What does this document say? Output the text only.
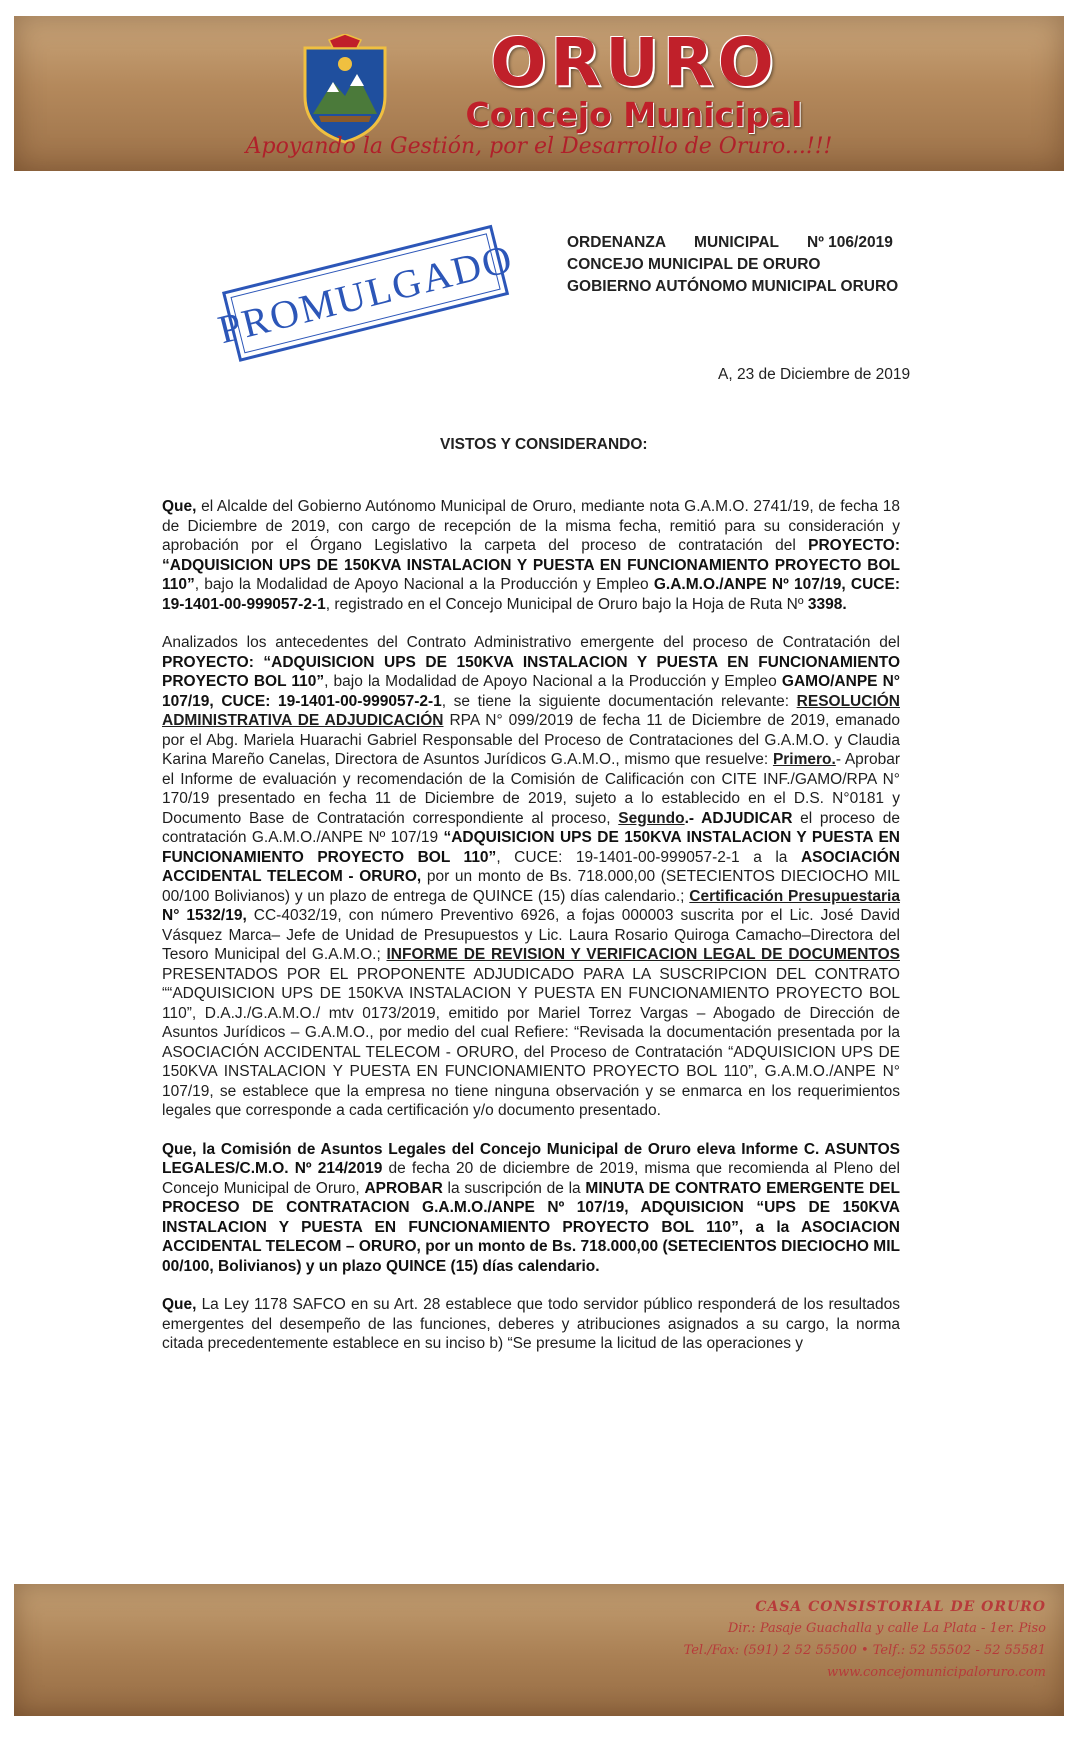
ORURO
Concejo Municipal
Apoyando la Gestión, por el Desarrollo de Oruro...!!!
PROMULGADO	ORDENANZA MUNICIPAL Nº 106/2019
CONCEJO MUNICIPAL DE ORURO
GOBIERNO AUTÓNOMO MUNICIPAL ORURO
A, 23 de Diciembre de 2019
VISTOS Y CONSIDERANDO:

Que, el Alcalde del Gobierno Autónomo Municipal de Oruro, mediante nota G.A.M.O. 2741/19, de fecha 18 de Diciembre de 2019, con cargo de recepción de la misma fecha, remitió para su consideración y aprobación por el Órgano Legislativo la carpeta del proceso de contratación del PROYECTO: “ADQUISICION UPS DE 150KVA INSTALACION Y PUESTA EN FUNCIONAMIENTO PROYECTO BOL 110”, bajo la Modalidad de Apoyo Nacional a la Producción y Empleo G.A.M.O./ANPE Nº 107/19, CUCE: 19-1401-00-999057-2-1, registrado en el Concejo Municipal de Oruro bajo la Hoja de Ruta Nº 3398.

Analizados los antecedentes del Contrato Administrativo emergente del proceso de Contratación del PROYECTO: “ADQUISICION UPS DE 150KVA INSTALACION Y PUESTA EN FUNCIONAMIENTO PROYECTO BOL 110”, bajo la Modalidad de Apoyo Nacional a la Producción y Empleo GAMO/ANPE N° 107/19, CUCE: 19-1401-00-999057-2-1, se tiene la siguiente documentación relevante: RESOLUCIÓN ADMINISTRATIVA DE ADJUDICACIÓN RPA N° 099/2019 de fecha 11 de Diciembre de 2019, emanado por el Abg. Mariela Huarachi Gabriel Responsable del Proceso de Contrataciones del G.A.M.O. y Claudia Karina Mareño Canelas, Directora de Asuntos Jurídicos G.A.M.O., mismo que resuelve: Primero.- Aprobar el Informe de evaluación y recomendación de la Comisión de Calificación con CITE INF./GAMO/RPA N° 170/19 presentado en fecha 11 de Diciembre de 2019, sujeto a lo establecido en el D.S. N°0181 y Documento Base de Contratación correspondiente al proceso, Segundo.- ADJUDICAR el proceso de contratación G.A.M.O./ANPE Nº 107/19 “ADQUISICION UPS DE 150KVA INSTALACION Y PUESTA EN FUNCIONAMIENTO PROYECTO BOL 110”, CUCE: 19-1401-00-999057-2-1 a la ASOCIACIÓN ACCIDENTAL TELECOM - ORURO, por un monto de Bs. 718.000,00 (SETECIENTOS DIECIOCHO MIL 00/100 Bolivianos) y un plazo de entrega de QUINCE (15) días calendario.; Certificación Presupuestaria N° 1532/19, CC-4032/19, con número Preventivo 6926, a fojas 000003 suscrita por el Lic. José David Vásquez Marca– Jefe de Unidad de Presupuestos y Lic. Laura Rosario Quiroga Camacho–Directora del Tesoro Municipal del G.A.M.O.; INFORME DE REVISION Y VERIFICACION LEGAL DE DOCUMENTOS PRESENTADOS POR EL PROPONENTE ADJUDICADO PARA LA SUSCRIPCION DEL CONTRATO ““ADQUISICION UPS DE 150KVA INSTALACION Y PUESTA EN FUNCIONAMIENTO PROYECTO BOL 110”, D.A.J./G.A.M.O./ mtv 0173/2019, emitido por Mariel Torrez Vargas – Abogado de Dirección de Asuntos Jurídicos – G.A.M.O., por medio del cual Refiere: “Revisada la documentación presentada por la ASOCIACIÓN ACCIDENTAL TELECOM - ORURO, del Proceso de Contratación “ADQUISICION UPS DE 150KVA INSTALACION Y PUESTA EN FUNCIONAMIENTO PROYECTO BOL 110”, G.A.M.O./ANPE N° 107/19, se establece que la empresa no tiene ninguna observación y se enmarca en los requerimientos legales que corresponde a cada certificación y/o documento presentado.

Que, la Comisión de Asuntos Legales del Concejo Municipal de Oruro eleva Informe C. ASUNTOS LEGALES/C.M.O. Nº 214/2019 de fecha 20 de diciembre de 2019, misma que recomienda al Pleno del Concejo Municipal de Oruro, APROBAR la suscripción de la MINUTA DE CONTRATO EMERGENTE DEL PROCESO DE CONTRATACION G.A.M.O./ANPE Nº 107/19, ADQUISICION “UPS DE 150KVA INSTALACION Y PUESTA EN FUNCIONAMIENTO PROYECTO BOL 110”, a la ASOCIACION ACCIDENTAL TELECOM – ORURO, por un monto de Bs. 718.000,00 (SETECIENTOS DIECIOCHO MIL 00/100, Bolivianos) y un plazo QUINCE (15) días calendario.

Que, La Ley 1178 SAFCO en su Art. 28 establece que todo servidor público responderá de los resultados emergentes del desempeño de las funciones, deberes y atribuciones asignados a su cargo, la norma citada precedentemente establece en su inciso b) “Se presume la licitud de las operaciones y

CASA CONSISTORIAL DE ORURO
Dir.: Pasaje Guachalla y calle La Plata - 1er. Piso
Tel./Fax: (591) 2 52 55500 • Telf.: 52 55502 - 52 55581
www.concejomunicipaloruro.com
